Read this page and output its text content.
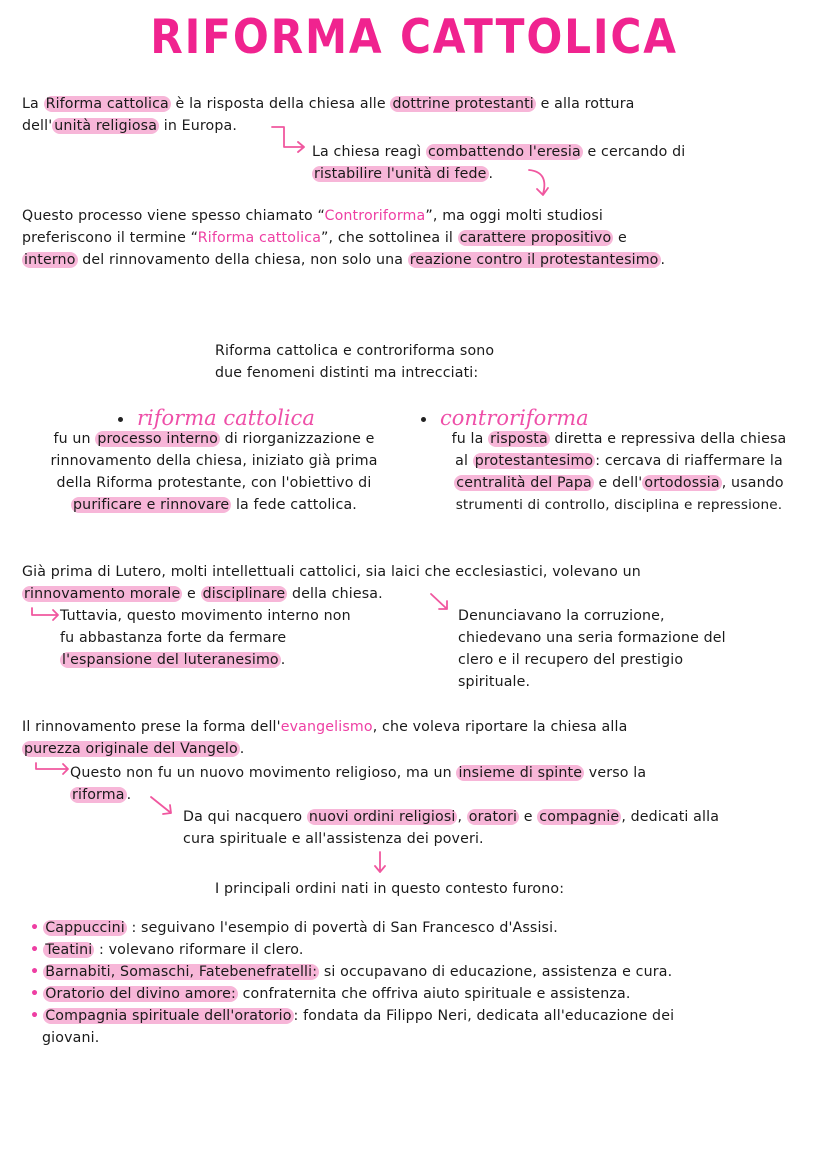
RIFORMA CATTOLICA

La Riforma cattolica è la risposta della chiesa alle dottrine protestanti e alla rottura
dell' unità religiosa in Europa.

La chiesa reagì combattendo l'eresia e cercando di
ristabilire l'unità di fede .

Questo processo viene spesso chiamato “Controriforma”, ma oggi molti studiosi
preferiscono il termine “Riforma cattolica”, che sottolinea il carattere propositivo e
interno del rinnovamento della chiesa, non solo una reazione contro il protestantesimo .

Riforma cattolica e controriforma sono
due fenomeni distinti ma intrecciati:

riforma cattolica

fu un processo interno di riorganizzazione e
rinnovamento della chiesa, iniziato già prima
della Riforma protestante, con l'obiettivo di
purificare e rinnovare la fede cattolica.

controriforma

fu la risposta diretta e repressiva della chiesa
al protestantesimo : cercava di riaffermare la
centralità del Papa e dell' ortodossia , usando
strumenti di controllo, disciplina e repressione.

Già prima di Lutero, molti intellettuali cattolici, sia laici che ecclesiastici, volevano un
rinnovamento morale e disciplinare della chiesa.

Tuttavia, questo movimento interno non
fu abbastanza forte da fermare
l'espansione del luteranesimo .

Denunciavano la corruzione,
chiedevano una seria formazione del
clero e il recupero del prestigio
spirituale.

Il rinnovamento prese la forma dell'evangelismo, che voleva riportare la chiesa alla
purezza originale del Vangelo .

Questo non fu un nuovo movimento religioso, ma un insieme di spinte verso la
riforma .

Da qui nacquero nuovi ordini religiosi , oratori e compagnie , dedicati alla
cura spirituale e all'assistenza dei poveri.

I principali ordini nati in questo contesto furono:

• Cappuccini : seguivano l'esempio di povertà di San Francesco d'Assisi.
• Teatini : volevano riformare il clero.
• Barnabiti, Somaschi, Fatebenefratelli: si occupavano di educazione, assistenza e cura.
• Oratorio del divino amore: confraternita che offriva aiuto spirituale e assistenza.
• Compagnia spirituale dell'oratorio : fondata da Filippo Neri, dedicata all'educazione dei
giovani.
